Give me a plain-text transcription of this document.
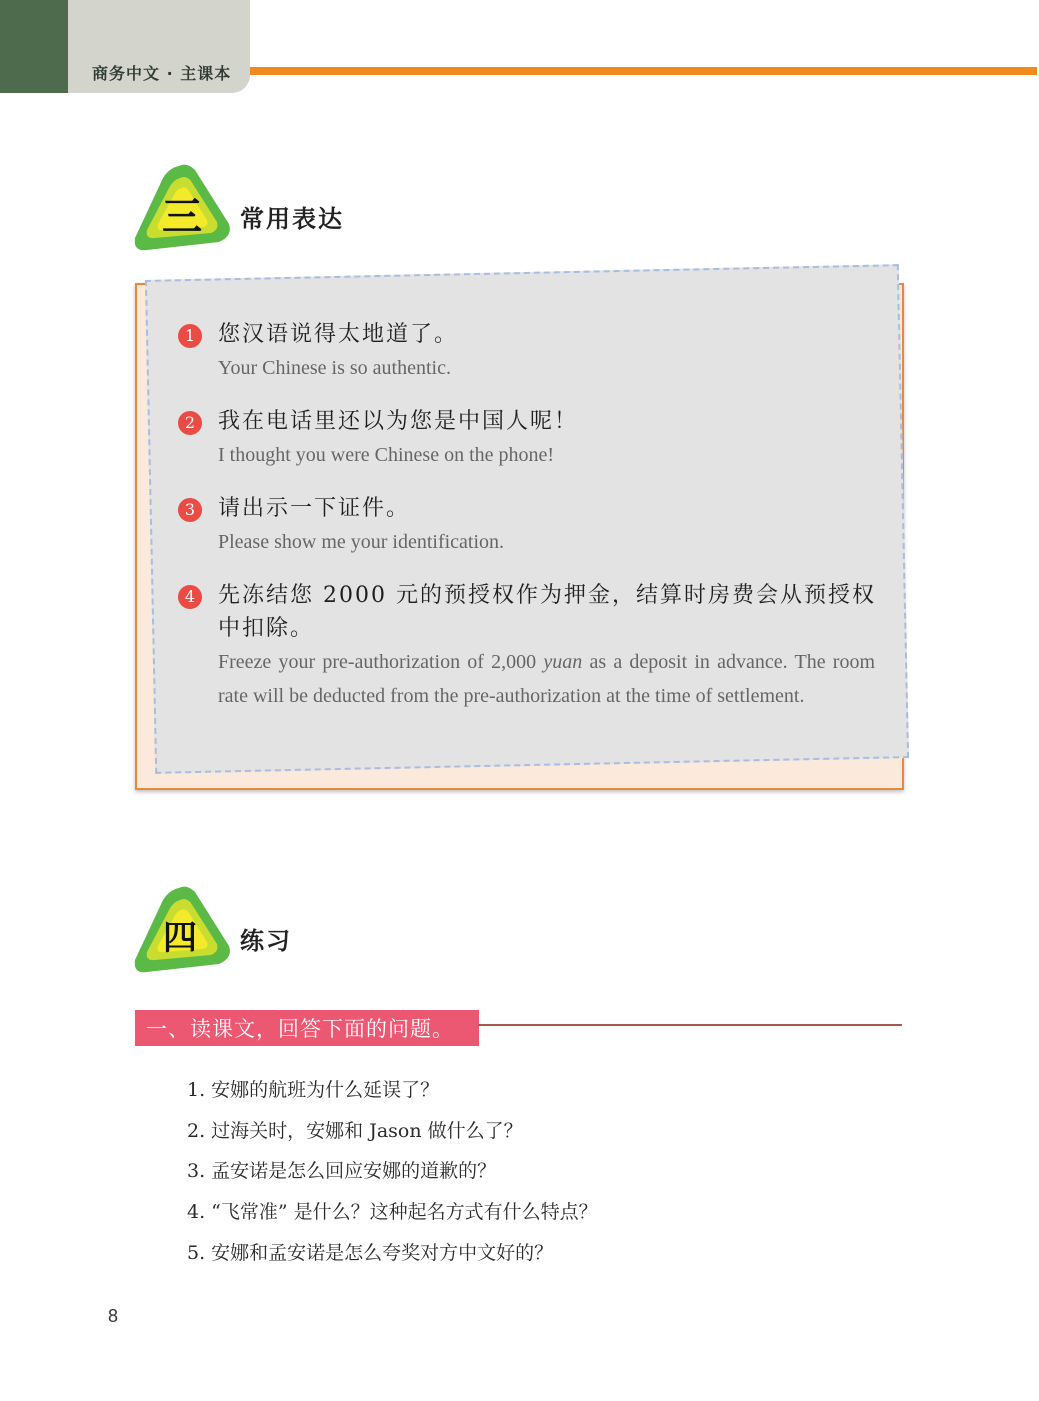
商务中文 · 主课本
三 常用表达
1	您汉语说得太地道了。
Your Chinese is so authentic.
2	我在电话里还以为您是中国人呢！
I thought you were Chinese on the phone!
3	请出示一下证件。
Please show me your identification.
4	先冻结您 2000 元的预授权作为押金，结算时房费会从预授权中扣除。
Freeze your pre-authorization of 2,000 yuan as a deposit in advance. The room rate will be deducted from the pre-authorization at the time of settlement.
四 练习
一、读课文，回答下面的问题。
1. 安娜的航班为什么延误了？
2. 过海关时，安娜和 Jason 做什么了？
3. 孟安诺是怎么回应安娜的道歉的？
4. “飞常准” 是什么？这种起名方式有什么特点？
5. 安娜和孟安诺是怎么夸奖对方中文好的？
8
